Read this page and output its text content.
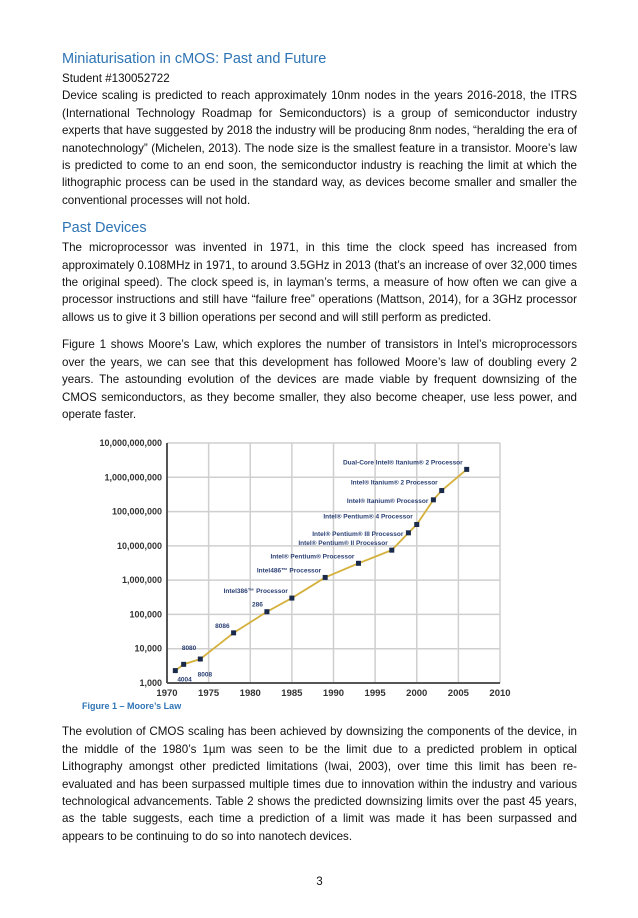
Miniaturisation in cMOS: Past and Future
Student #130052722

Device scaling is predicted to reach approximately 10nm nodes in the years 2016-2018, the ITRS (International Technology Roadmap for Semiconductors) is a group of semiconductor industry experts that have suggested by 2018 the industry will be producing 8nm nodes, “heralding the era of nanotechnology” (Michelen, 2013). The node size is the smallest feature in a transistor. Moore’s law is predicted to come to an end soon, the semiconductor industry is reaching the limit at which the lithographic process can be used in the standard way, as devices become smaller and smaller the conventional processes will not hold.

Past Devices

The microprocessor was invented in 1971, in this time the clock speed has increased from approximately 0.108MHz in 1971, to around 3.5GHz in 2013 (that’s an increase of over 32,000 times the original speed). The clock speed is, in layman’s terms, a measure of how often we can give a processor instructions and still have “failure free” operations (Mattson, 2014), for a 3GHz processor allows us to give it 3 billion operations per second and will still perform as predicted.

Figure 1 shows Moore’s Law, which explores the number of transistors in Intel’s microprocessors over the years, we can see that this development has followed Moore’s law of doubling every 2 years. The astounding evolution of the devices are made viable by frequent downsizing of the CMOS semiconductors, as they become smaller, they also become cheaper, use less power, and operate faster.

1970 1975 1980 1985 1990 1995 2000 2005 2010
1,000
10,000
100,000
1,000,000
10,000,000
100,000,000
1,000,000,000
10,000,000,000
4004
8008
8080
8086
286
Intel386™ Processor
Intel486™ Processor
Intel® Pentium® Processor
Intel® Pentium® II Processor
Intel® Pentium® III Processor
Intel® Pentium® 4 Processor
Intel® Itanium® Processor
Intel® Itanium® 2 Processor
Dual-Core Intel® Itanium® 2 Processor
Figure 1 – Moore’s Law

The evolution of CMOS scaling has been achieved by downsizing the components of the device, in the middle of the 1980’s 1µm was seen to be the limit due to a predicted problem in optical Lithography amongst other predicted limitations (Iwai, 2003), over time this limit has been re-evaluated and has been surpassed multiple times due to innovation within the industry and various technological advancements. Table 2 shows the predicted downsizing limits over the past 45 years, as the table suggests, each time a prediction of a limit was made it has been surpassed and appears to be continuing to do so into nanotech devices.

3
